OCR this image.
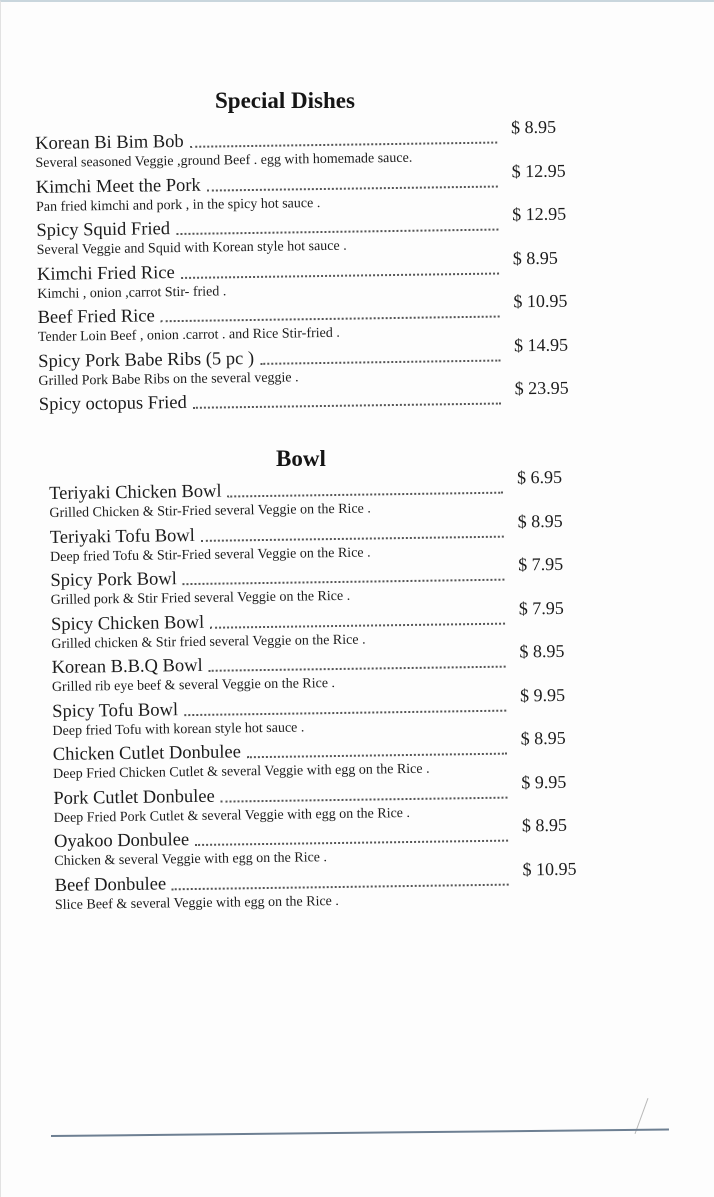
Special Dishes
Korean Bi Bim Bob
$ 8.95
Several seasoned Veggie ,ground Beef . egg with homemade sauce.
Kimchi Meet the Pork
$ 12.95
Pan fried kimchi and pork , in the spicy hot sauce .
Spicy Squid Fried
$ 12.95
Several Veggie and Squid with Korean style hot sauce .
Kimchi Fried Rice
$ 8.95
Kimchi , onion ,carrot Stir- fried .
Beef Fried Rice
$ 10.95
Tender Loin Beef , onion .carrot . and Rice Stir-fried .
Spicy Pork Babe Ribs (5 pc )
$ 14.95
Grilled Pork Babe Ribs on the several veggie .
Spicy octopus Fried
$ 23.95
Bowl
Teriyaki Chicken Bowl
$ 6.95
Grilled Chicken & Stir-Fried several Veggie on the Rice .
Teriyaki Tofu Bowl
$ 8.95
Deep fried Tofu & Stir-Fried several Veggie on the Rice .
Spicy Pork Bowl
$ 7.95
Grilled pork & Stir Fried several Veggie on the Rice .
Spicy Chicken Bowl
$ 7.95
Grilled chicken & Stir fried several Veggie on the Rice .
Korean B.B.Q Bowl
$ 8.95
Grilled rib eye beef & several Veggie on the Rice .
Spicy Tofu Bowl
$ 9.95
Deep fried Tofu with korean style hot sauce .
Chicken Cutlet Donbulee
$ 8.95
Deep Fried Chicken Cutlet & several Veggie with egg on the Rice .
Pork Cutlet Donbulee
$ 9.95
Deep Fried Pork Cutlet & several Veggie with egg on the Rice .
Oyakoo Donbulee
$ 8.95
Chicken & several Veggie with egg on the Rice .
Beef Donbulee
$ 10.95
Slice Beef & several Veggie with egg on the Rice .
